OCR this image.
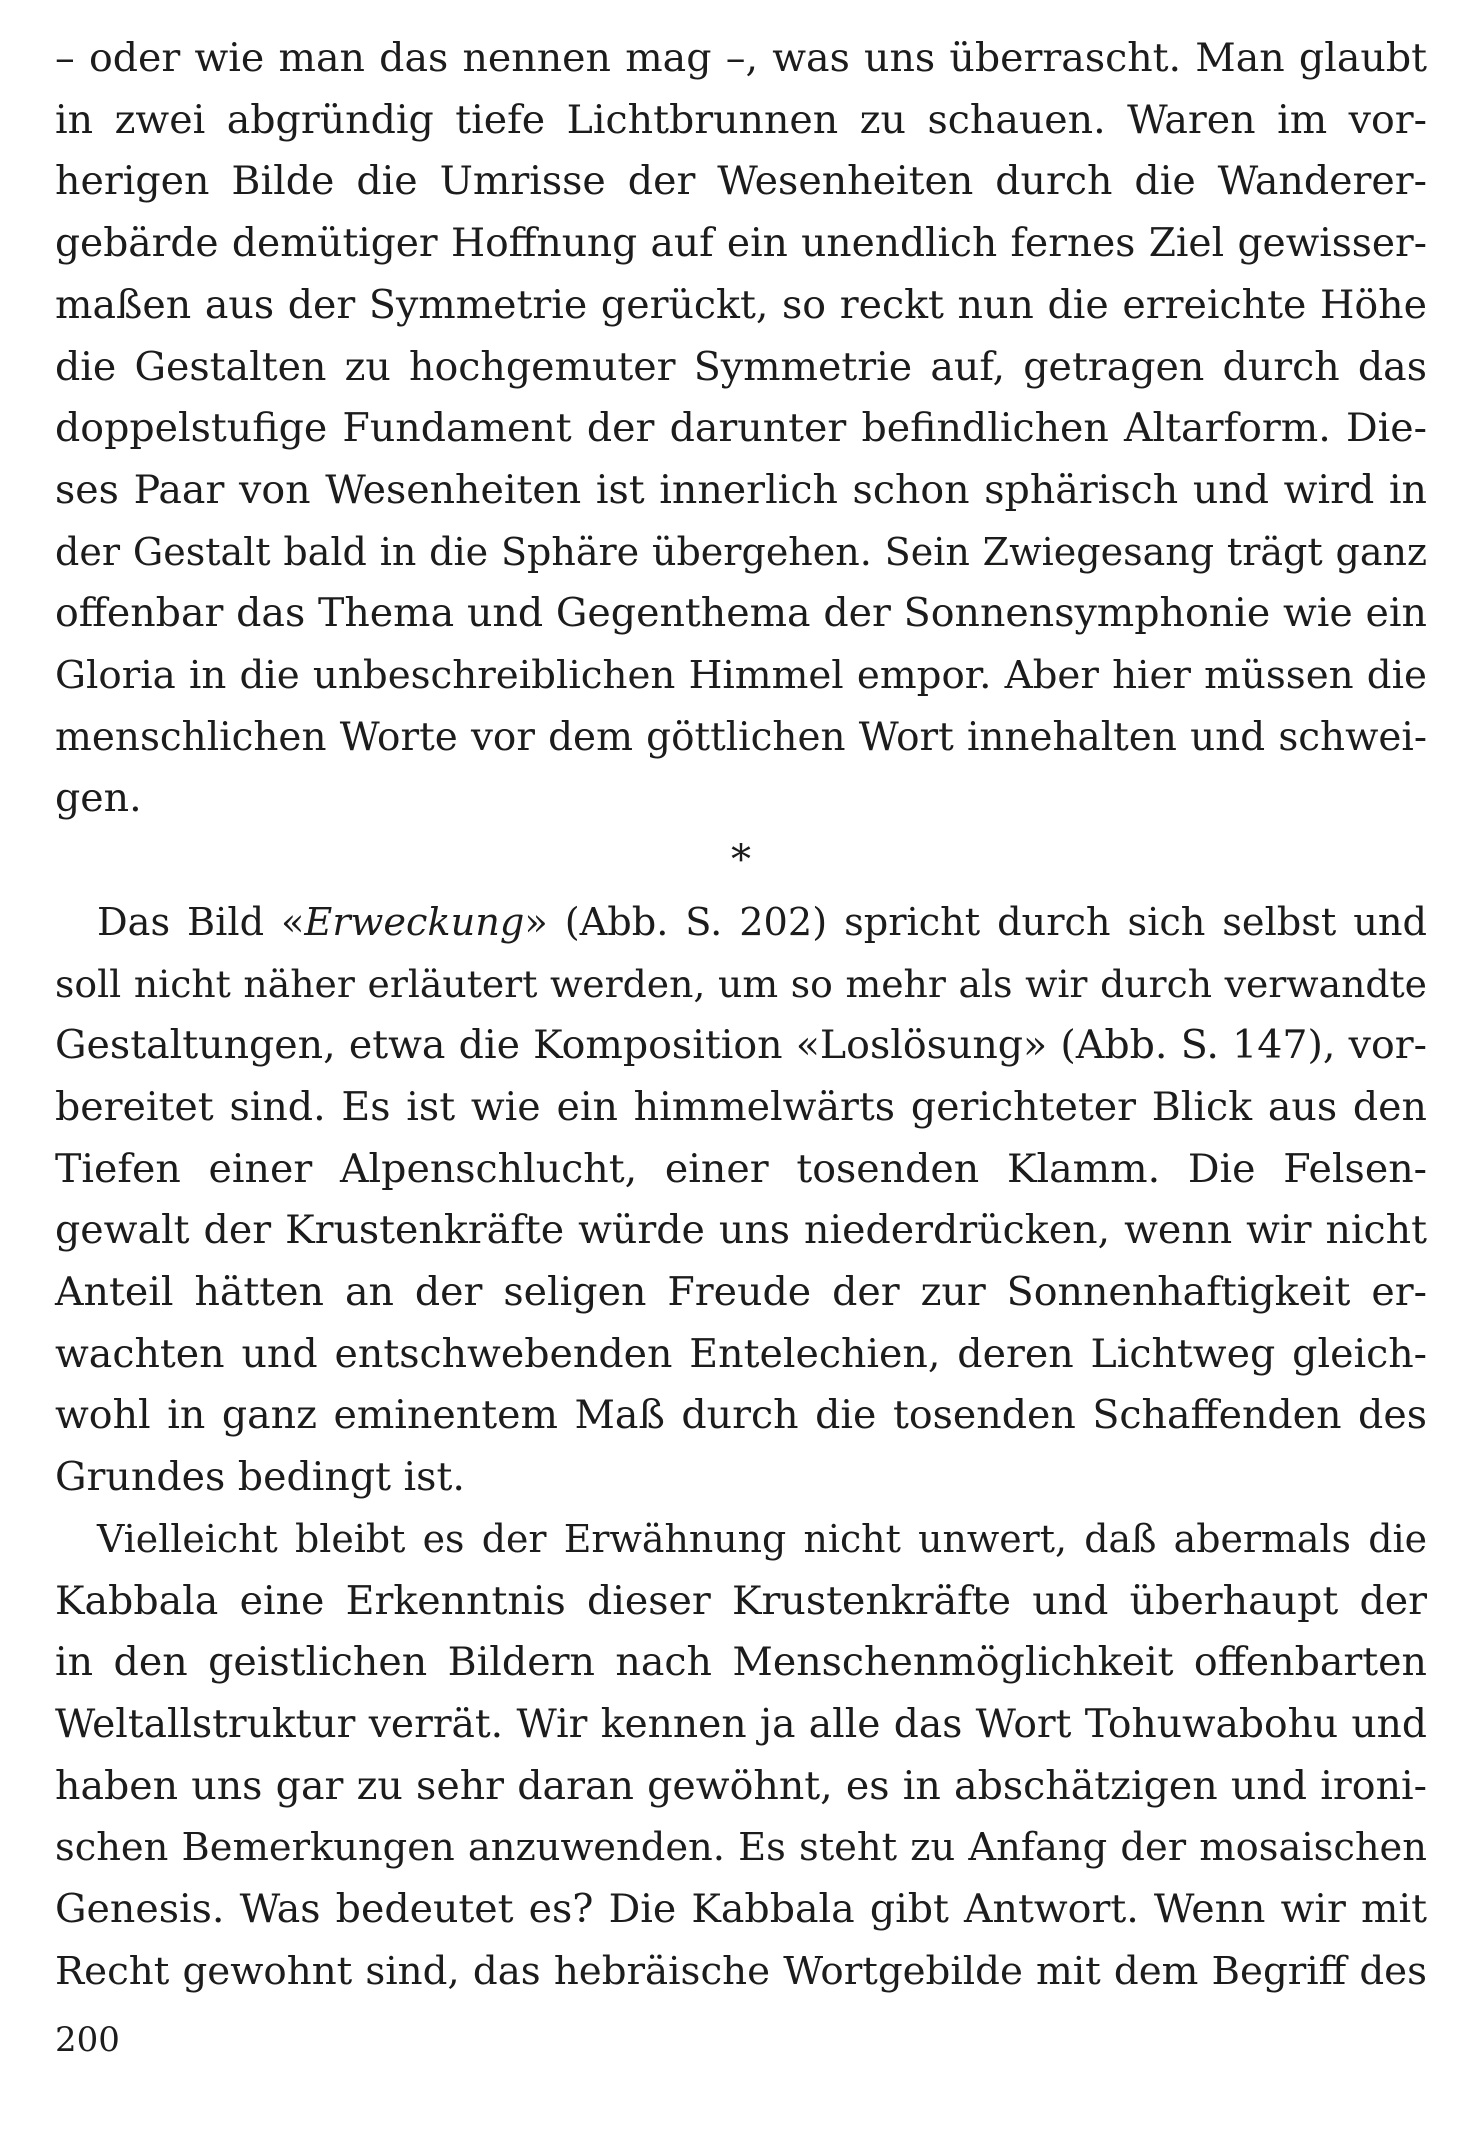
– oder wie man das nennen mag –, was uns überrascht. Man glaubt
in zwei abgründig tiefe Lichtbrunnen zu schauen. Waren im vor-
herigen Bilde die Umrisse der Wesenheiten durch die Wanderer-
gebärde demütiger Hoffnung auf ein unendlich fernes Ziel gewisser-
maßen aus der Symmetrie gerückt, so reckt nun die erreichte Höhe
die Gestalten zu hochgemuter Symmetrie auf, getragen durch das
doppelstufige Fundament der darunter befindlichen Altarform. Die-
ses Paar von Wesenheiten ist innerlich schon sphärisch und wird in
der Gestalt bald in die Sphäre übergehen. Sein Zwiegesang trägt ganz
offenbar das Thema und Gegenthema der Sonnensymphonie wie ein
Gloria in die unbeschreiblichen Himmel empor. Aber hier müssen die
menschlichen Worte vor dem göttlichen Wort innehalten und schwei-
gen.
*
Das Bild «Erweckung» (Abb. S. 202) spricht durch sich selbst und
soll nicht näher erläutert werden, um so mehr als wir durch verwandte
Gestaltungen, etwa die Komposition «Loslösung» (Abb. S. 147), vor-
bereitet sind. Es ist wie ein himmelwärts gerichteter Blick aus den
Tiefen einer Alpenschlucht, einer tosenden Klamm. Die Felsen-
gewalt der Krustenkräfte würde uns niederdrücken, wenn wir nicht
Anteil hätten an der seligen Freude der zur Sonnenhaftigkeit er-
wachten und entschwebenden Entelechien, deren Lichtweg gleich-
wohl in ganz eminentem Maß durch die tosenden Schaffenden des
Grundes bedingt ist.
Vielleicht bleibt es der Erwähnung nicht unwert, daß abermals die
Kabbala eine Erkenntnis dieser Krustenkräfte und überhaupt der
in den geistlichen Bildern nach Menschenmöglichkeit offenbarten
Weltallstruktur verrät. Wir kennen ja alle das Wort Tohuwabohu und
haben uns gar zu sehr daran gewöhnt, es in abschätzigen und ironi-
schen Bemerkungen anzuwenden. Es steht zu Anfang der mosaischen
Genesis. Was bedeutet es? Die Kabbala gibt Antwort. Wenn wir mit
Recht gewohnt sind, das hebräische Wortgebilde mit dem Begriff des
200
